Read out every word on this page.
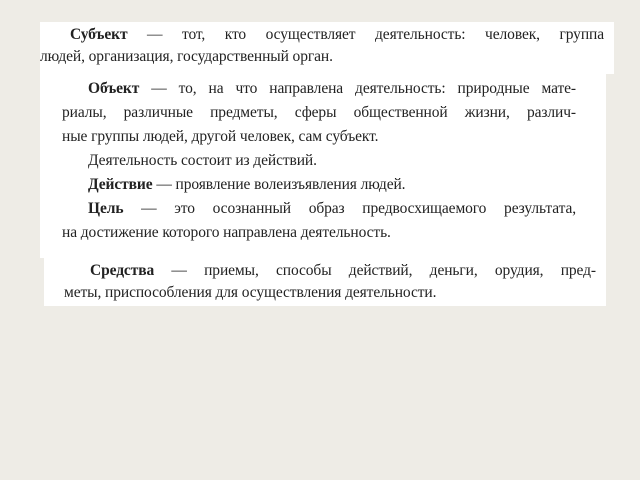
Субъект — тот, кто осуществляет деятельность: человек, группа
людей, организация, государственный орган.
Объект — то, на что направлена деятельность: природные мате-
риалы, различные предметы, сферы общественной жизни, различ-
ные группы людей, другой человек, сам субъект.
Деятельность состоит из действий.
Действие — проявление волеизъявления людей.
Цель — это осознанный образ предвосхищаемого результата,
на достижение которого направлена деятельность.
Средства — приемы, способы действий, деньги, орудия, пред-
меты, приспособления для осуществления деятельности.
